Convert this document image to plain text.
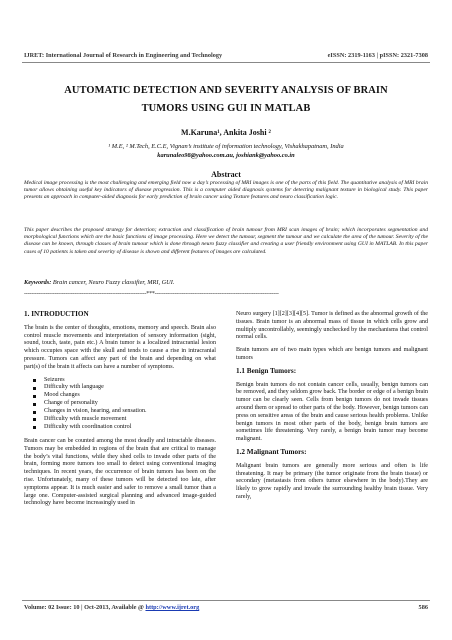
IJRET: International Journal of Research in Engineering and Technology	eISSN: 2319-1163 | pISSN: 2321-7308
AUTOMATIC DETECTION AND SEVERITY ANALYSIS OF BRAIN
TUMORS USING GUI IN MATLAB
M.Karuna¹, Ankita Joshi ²
¹ M.E, ² M.Tech, E.C.E, Vignan’s institute of information technology, Vishakhapatnam, India
karunaleo98@yahoo.com.au, joshiank@yahoo.co.in
Abstract

Medical image processing is the most challenging and emerging field now a day’s processing of MRI images is one of the parts of this field. The quantitative analysis of MRI brain tumor allows obtaining useful key indicators of disease progression. This is a computer aided diagnosis systems for detecting malignant texture in biological study. This paper presents an approach in computer-aided diagnosis for early prediction of brain cancer using Texture features and neuro classification logic.

This paper describes the proposed strategy for detection; extraction and classification of brain tumour from MRI scan images of brain; which incorporates segmentation and morphological functions which are the basic functions of image processing. Here we detect the tumour, segment the tumour and we calculate the area of the tumour. Severity of the disease can be known, through classes of brain tumour which is done through neuro fuzzy classifier and creating a user friendly environment using GUI in MATLAB. In this paper cases of 10 patients is taken and severity of disease is shown and different features of images are calculated.

Keywords: Brain cancer, Neuro Fuzzy classifier, MRI, GUI.
--------------------------------------------------------------------***---------------------------------------------------------------------
1. INTRODUCTION

The brain is the center of thoughts, emotions, memory and speech. Brain also control muscle movements and interpretation of sensory information (sight, sound, touch, taste, pain etc.) A brain tumor is a localized intracranial lesion which occupies space with the skull and tends to cause a rise in intracranial pressure. Tumors can affect any part of the brain and depending on what part(s) of the brain it affects can have a number of symptoms.

Seizures
Difficulty with language
Mood changes
Change of personality
Changes in vision, hearing, and sensation.
Difficulty with muscle movement
Difficulty with coordination control

Brain cancer can be counted among the most deadly and intractable diseases. Tumors may be embedded in regions of the brain that are critical to manage the body’s vital functions, while they shed cells to invade other parts of the brain, forming more tumors too small to detect using conventional imaging techniques. In recent years, the occurrence of brain tumors has been on the rise. Unfortunately, many of these tumors will be detected too late, after symptoms appear. It is much easier and safer to remove a small tumor than a large one. Computer-assisted surgical planning and advanced image-guided technology have become increasingly used in

Neuro surgery [1][2][3][4][5]. Tumor is defined as the abnormal growth of the tissues. Brain tumor is an abnormal mass of tissue in which cells grow and multiply uncontrollably, seemingly unchecked by the mechanisms that control normal cells.

Brain tumors are of two main types which are benign tumors and malignant tumors

1.1 Benign Tumors:

Benign brain tumors do not contain cancer cells, usually, benign tumors can be removed, and they seldom grow back. The border or edge of a benign brain tumor can be clearly seen. Cells from benign tumors do not invade tissues around them or spread to other parts of the body. However, benign tumors can press on sensitive areas of the brain and cause serious health problems. Unlike benign tumors in most other parts of the body, benign brain tumors are sometimes life threatening. Very rarely, a benign brain tumor may become malignant.

1.2 Malignant Tumors:

Malignant brain tumors are generally more serious and often is life threatening. It may be primary (the tumor originate from the brain tissue) or secondary (metastasis from others tumor elsewhere in the body).They are likely to grow rapidly and invade the surrounding healthy brain tissue. Very rarely,

Volume: 02 Issue: 10 | Oct-2013, Available @ http://www.ijret.org	586
